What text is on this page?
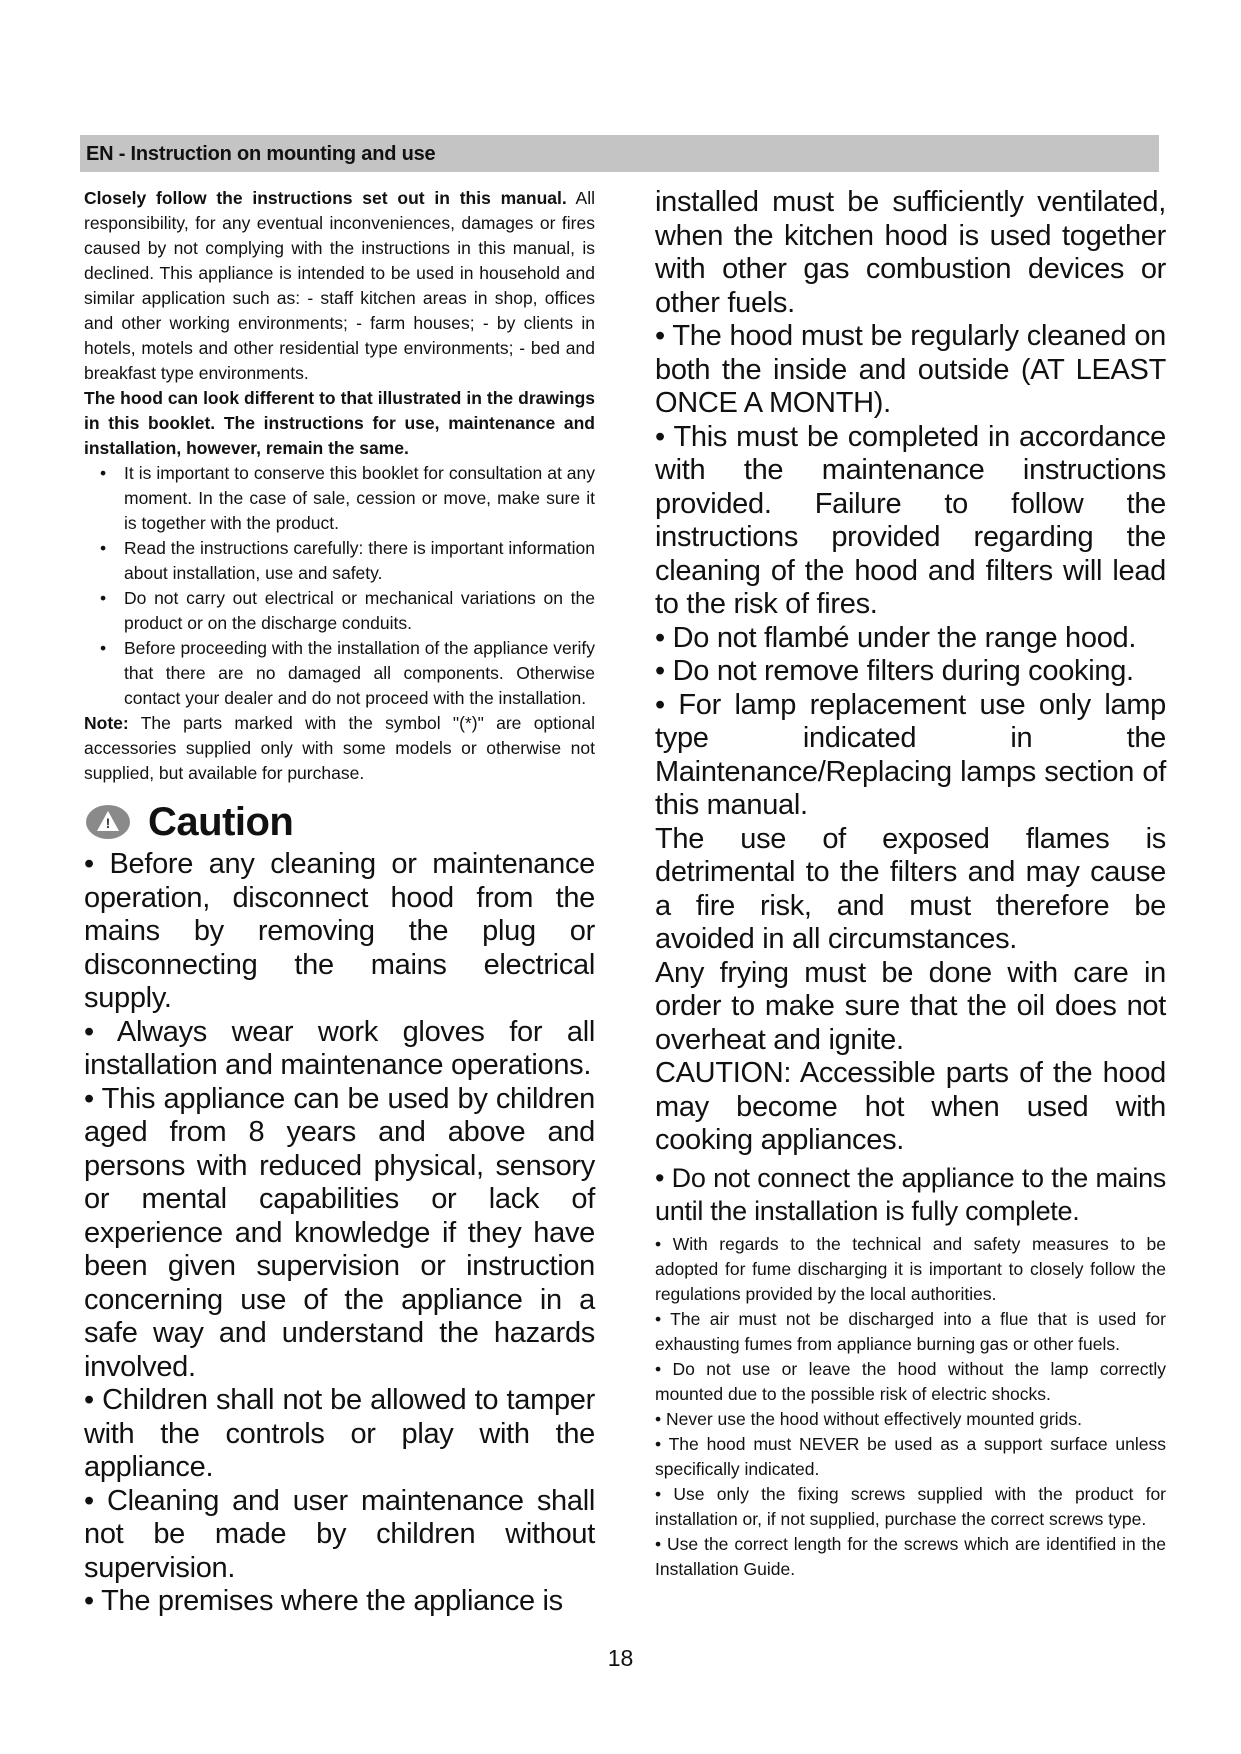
EN - Instruction on mounting and use

Closely follow the instructions set out in this manual. All responsibility, for any eventual inconveniences, damages or fires caused by not complying with the instructions in this manual, is declined. This appliance is intended to be used in household and similar application such as: - staff kitchen areas in shop, offices and other working environments; - farm houses; - by clients in hotels, motels and other residential type environments; - bed and breakfast type environments.

The hood can look different to that illustrated in the drawings in this booklet. The instructions for use, maintenance and installation, however, remain the same.

• It is important to conserve this booklet for consultation at any moment. In the case of sale, cession or move, make sure it is together with the product.
• Read the instructions carefully: there is important information about installation, use and safety.
• Do not carry out electrical or mechanical variations on the product or on the discharge conduits.
• Before proceeding with the installation of the appliance verify that there are no damaged all components. Otherwise contact your dealer and do not proceed with the installation.

Note: The parts marked with the symbol "(*)" are optional accessories supplied only with some models or otherwise not supplied, but available for purchase.

! Caution

• Before any cleaning or maintenance operation, disconnect hood from the mains by removing the plug or disconnecting the mains electrical supply.

• Always wear work gloves for all installation and maintenance operations.

• This appliance can be used by children aged from 8 years and above and persons with reduced physical, sensory or mental capabilities or lack of experience and knowledge if they have been given supervision or instruction concerning use of the appliance in a safe way and understand the hazards involved.

• Children shall not be allowed to tamper with the controls or play with the appliance.

• Cleaning and user maintenance shall not be made by children without supervision.

• The premises where the appliance is

installed must be sufficiently ventilated, when the kitchen hood is used together with other gas combustion devices or other fuels.

• The hood must be regularly cleaned on both the inside and outside (AT LEAST ONCE A MONTH).

• This must be completed in accordance with the maintenance instructions provided. Failure to follow the instructions provided regarding the cleaning of the hood and filters will lead to the risk of fires.

• Do not flambé under the range hood.

• Do not remove filters during cooking.

• For lamp replacement use only lamp type indicated in the Maintenance/Replacing lamps section of this manual.

The use of exposed flames is detrimental to the filters and may cause a fire risk, and must therefore be avoided in all circumstances.

Any frying must be done with care in order to make sure that the oil does not overheat and ignite.

CAUTION: Accessible parts of the hood may become hot when used with cooking appliances.

• Do not connect the appliance to the mains until the installation is fully complete.

• With regards to the technical and safety measures to be adopted for fume discharging it is important to closely follow the regulations provided by the local authorities.

• The air must not be discharged into a flue that is used for exhausting fumes from appliance burning gas or other fuels.

• Do not use or leave the hood without the lamp correctly mounted due to the possible risk of electric shocks.

• Never use the hood without effectively mounted grids.

• The hood must NEVER be used as a support surface unless specifically indicated.

• Use only the fixing screws supplied with the product for installation or, if not supplied, purchase the correct screws type.

• Use the correct length for the screws which are identified in the Installation Guide.

18
